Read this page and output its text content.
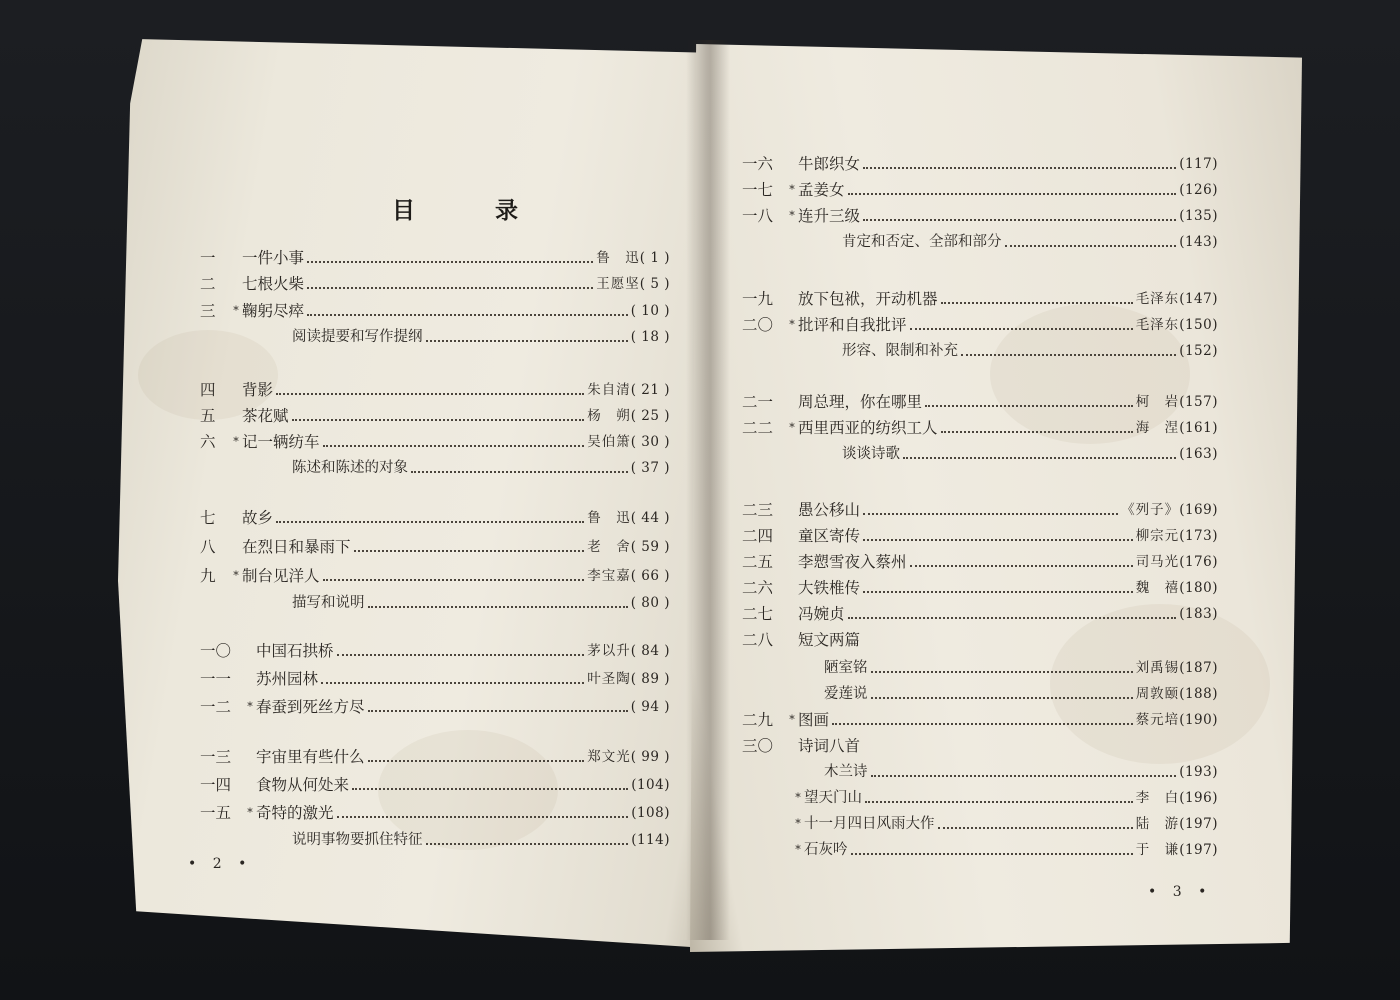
目 录
一	一件小事	鲁　迅 ( 1 )
二	七根火柴	王愿坚 ( 5 )
三	* 鞠躬尽瘁	( 10 )
阅读提要和写作提纲	( 18 )
四	背影	朱自清 ( 21 )
五	茶花赋	杨　朔 ( 25 )
六	* 记一辆纺车	吴伯箫 ( 30 )
陈述和陈述的对象	( 37 )
七	故乡	鲁　迅 ( 44 )
八	在烈日和暴雨下	老　舍 ( 59 )
九	* 制台见洋人	李宝嘉 ( 66 )
描写和说明	( 80 )
一〇	中国石拱桥	茅以升 ( 84 )
一一	苏州园林	叶圣陶 ( 89 )
一二	* 春蚕到死丝方尽	( 94 )
一三	宇宙里有些什么	郑文光 ( 99 )
一四	食物从何处来	(104)
一五	* 奇特的激光	(108)
说明事物要抓住特征	(114)
一六	牛郎织女	(117)
一七	* 孟姜女	(126)
一八	* 连升三级	(135)
肯定和否定、全部和部分	(143)
一九	放下包袱，开动机器	毛泽东 (147)
二〇	* 批评和自我批评	毛泽东 (150)
形容、限制和补充	(152)
二一	周总理，你在哪里	柯　岩 (157)
二二	* 西里西亚的纺织工人	海　涅 (161)
谈谈诗歌	(163)
二三	愚公移山	《列子》 (169)
二四	童区寄传	柳宗元 (173)
二五	李愬雪夜入蔡州	司马光 (176)
二六	大铁椎传	魏　禧 (180)
二七	冯婉贞	(183)
二八	短文两篇
陋室铭	刘禹锡 (187)
爱莲说	周敦颐 (188)
二九	* 图画	蔡元培 (190)
三〇	诗词八首
木兰诗	(193)
* 望天门山	李　白 (196)
* 十一月四日风雨大作	陆　游 (197)
* 石灰吟	于　谦 (197)
• 2 •
• 3 •
